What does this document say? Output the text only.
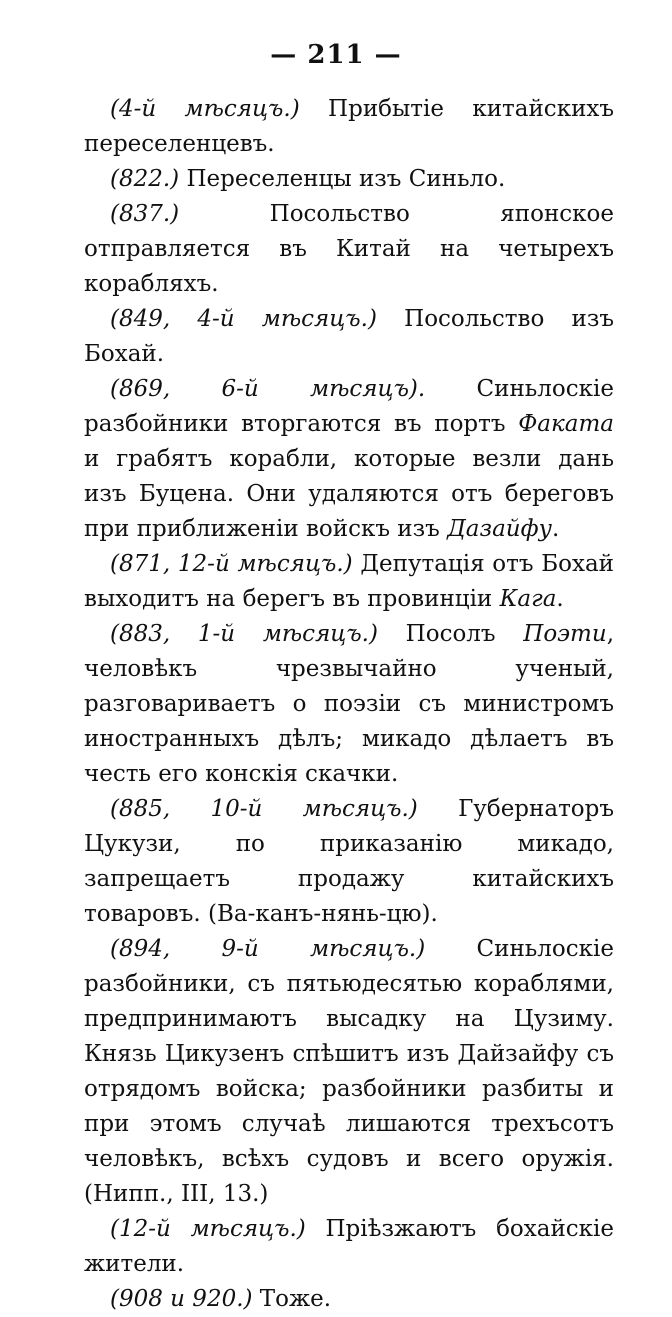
— 211 —

(4-й мѣсяцъ.) Прибытіе китайскихъ переселенцевъ.

(822.) Переселенцы изъ Синьло.

(837.) Посольство японское отправляется въ Китай на четырехъ корабляхъ.

(849, 4-й мѣсяцъ.) Посольство изъ Бохай.

(869, 6-й мѣсяцъ). Синьлоскіе разбойники вторгаются въ портъ Факата и грабятъ корабли, которые везли дань изъ Буцена. Они удаляются отъ береговъ при приближеніи войскъ изъ Дазайфу.

(871, 12-й мѣсяцъ.) Депутація отъ Бохай выходитъ на берегъ въ провинціи Кага.

(883, 1-й мѣсяцъ.) Посолъ Поэти, человѣкъ чрезвычайно ученый, разговариваетъ о поэзіи съ министромъ иностранныхъ дѣлъ; микадо дѣлаетъ въ честь его конскія скачки.

(885, 10-й мѣсяцъ.) Губернаторъ Цукузи, по приказанію микадо, запрещаетъ продажу китайскихъ товаровъ. (Ва-канъ-нянь-цю).

(894, 9-й мѣсяцъ.) Синьлоскіе разбойники, съ пятьюдесятью кораблями, предпринимаютъ высадку на Цузиму. Князь Цикузенъ спѣшитъ изъ Дайзайфу съ отрядомъ войска; разбойники разбиты и при этомъ случаѣ лишаются трехъсотъ человѣкъ, всѣхъ судовъ и всего оружія. (Нипп., III, 13.)

(12-й мѣсяцъ.) Пріѣзжаютъ бохайскіе жители.

(908 и 920.) Тоже.
